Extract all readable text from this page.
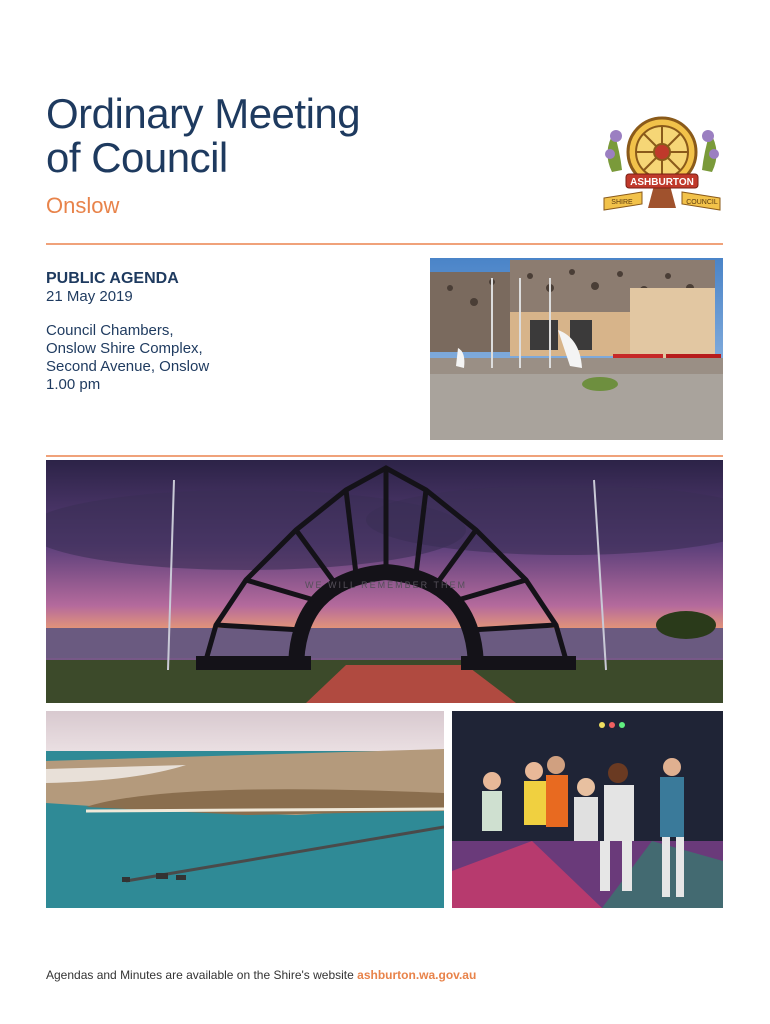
Ordinary Meeting
of Council
Onslow
ASHBURTON
SHIRE	COUNCIL
PUBLIC AGENDA
21 May 2019
Council Chambers,
Onslow Shire Complex,
Second Avenue, Onslow
1.00 pm
WE WILL REMEMBER THEM
Agendas and Minutes are available on the Shire's website ashburton.wa.gov.au
